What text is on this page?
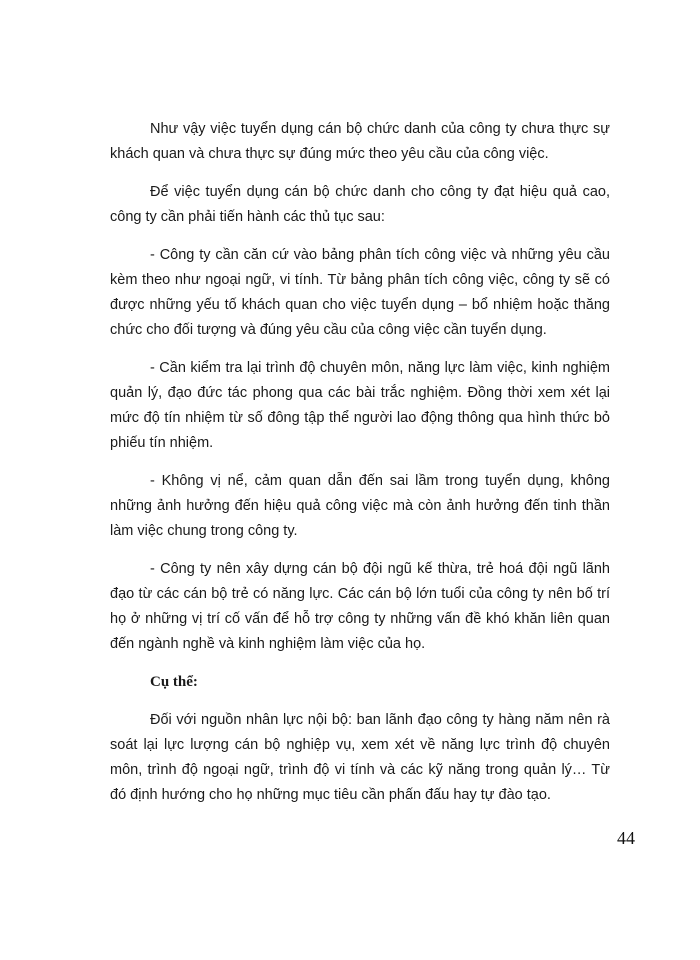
Như vậy việc tuyển dụng cán bộ chức danh của công ty chưa thực sự khách quan và chưa thực sự đúng mức theo yêu cầu của công việc.

Để việc tuyển dụng cán bộ chức danh cho công ty đạt hiệu quả cao, công ty cần phải tiến hành các thủ tục sau:

- Công ty cần căn cứ vào bảng phân tích công việc và những yêu cầu kèm theo như ngoại ngữ, vi tính. Từ bảng phân tích công việc, công ty sẽ có được những yếu tố khách quan cho việc tuyển dụng – bổ nhiệm hoặc thăng chức cho đối tượng và đúng yêu cầu của công việc cần tuyển dụng.

- Cần kiểm tra lại trình độ chuyên môn, năng lực làm việc, kinh nghiệm quản lý, đạo đức tác phong qua các bài trắc nghiệm. Đồng thời xem xét lại mức độ tín nhiệm từ số đông tập thể người lao động thông qua hình thức bỏ phiếu tín nhiệm.

- Không vị nể, cảm quan dẫn đến sai lầm trong tuyển dụng, không những ảnh hưởng đến hiệu quả công việc mà còn ảnh hưởng đến tinh thần làm việc chung trong công ty.

- Công ty nên xây dựng cán bộ đội ngũ kế thừa, trẻ hoá đội ngũ lãnh đạo từ các cán bộ trẻ có năng lực. Các cán bộ lớn tuổi của công ty nên bố trí họ ở những vị trí cố vấn để hỗ trợ công ty những vấn đề khó khăn liên quan đến ngành nghề và kinh nghiệm làm việc của họ.

Cụ thể:

Đối với nguồn nhân lực nội bộ: ban lãnh đạo công ty hàng năm nên rà soát lại lực lượng cán bộ nghiệp vụ, xem xét về năng lực trình độ chuyên môn, trình độ ngoại ngữ, trình độ vi tính và các kỹ năng trong quản lý… Từ đó định hướng cho họ những mục tiêu cần phấn đấu hay tự đào tạo.

44
